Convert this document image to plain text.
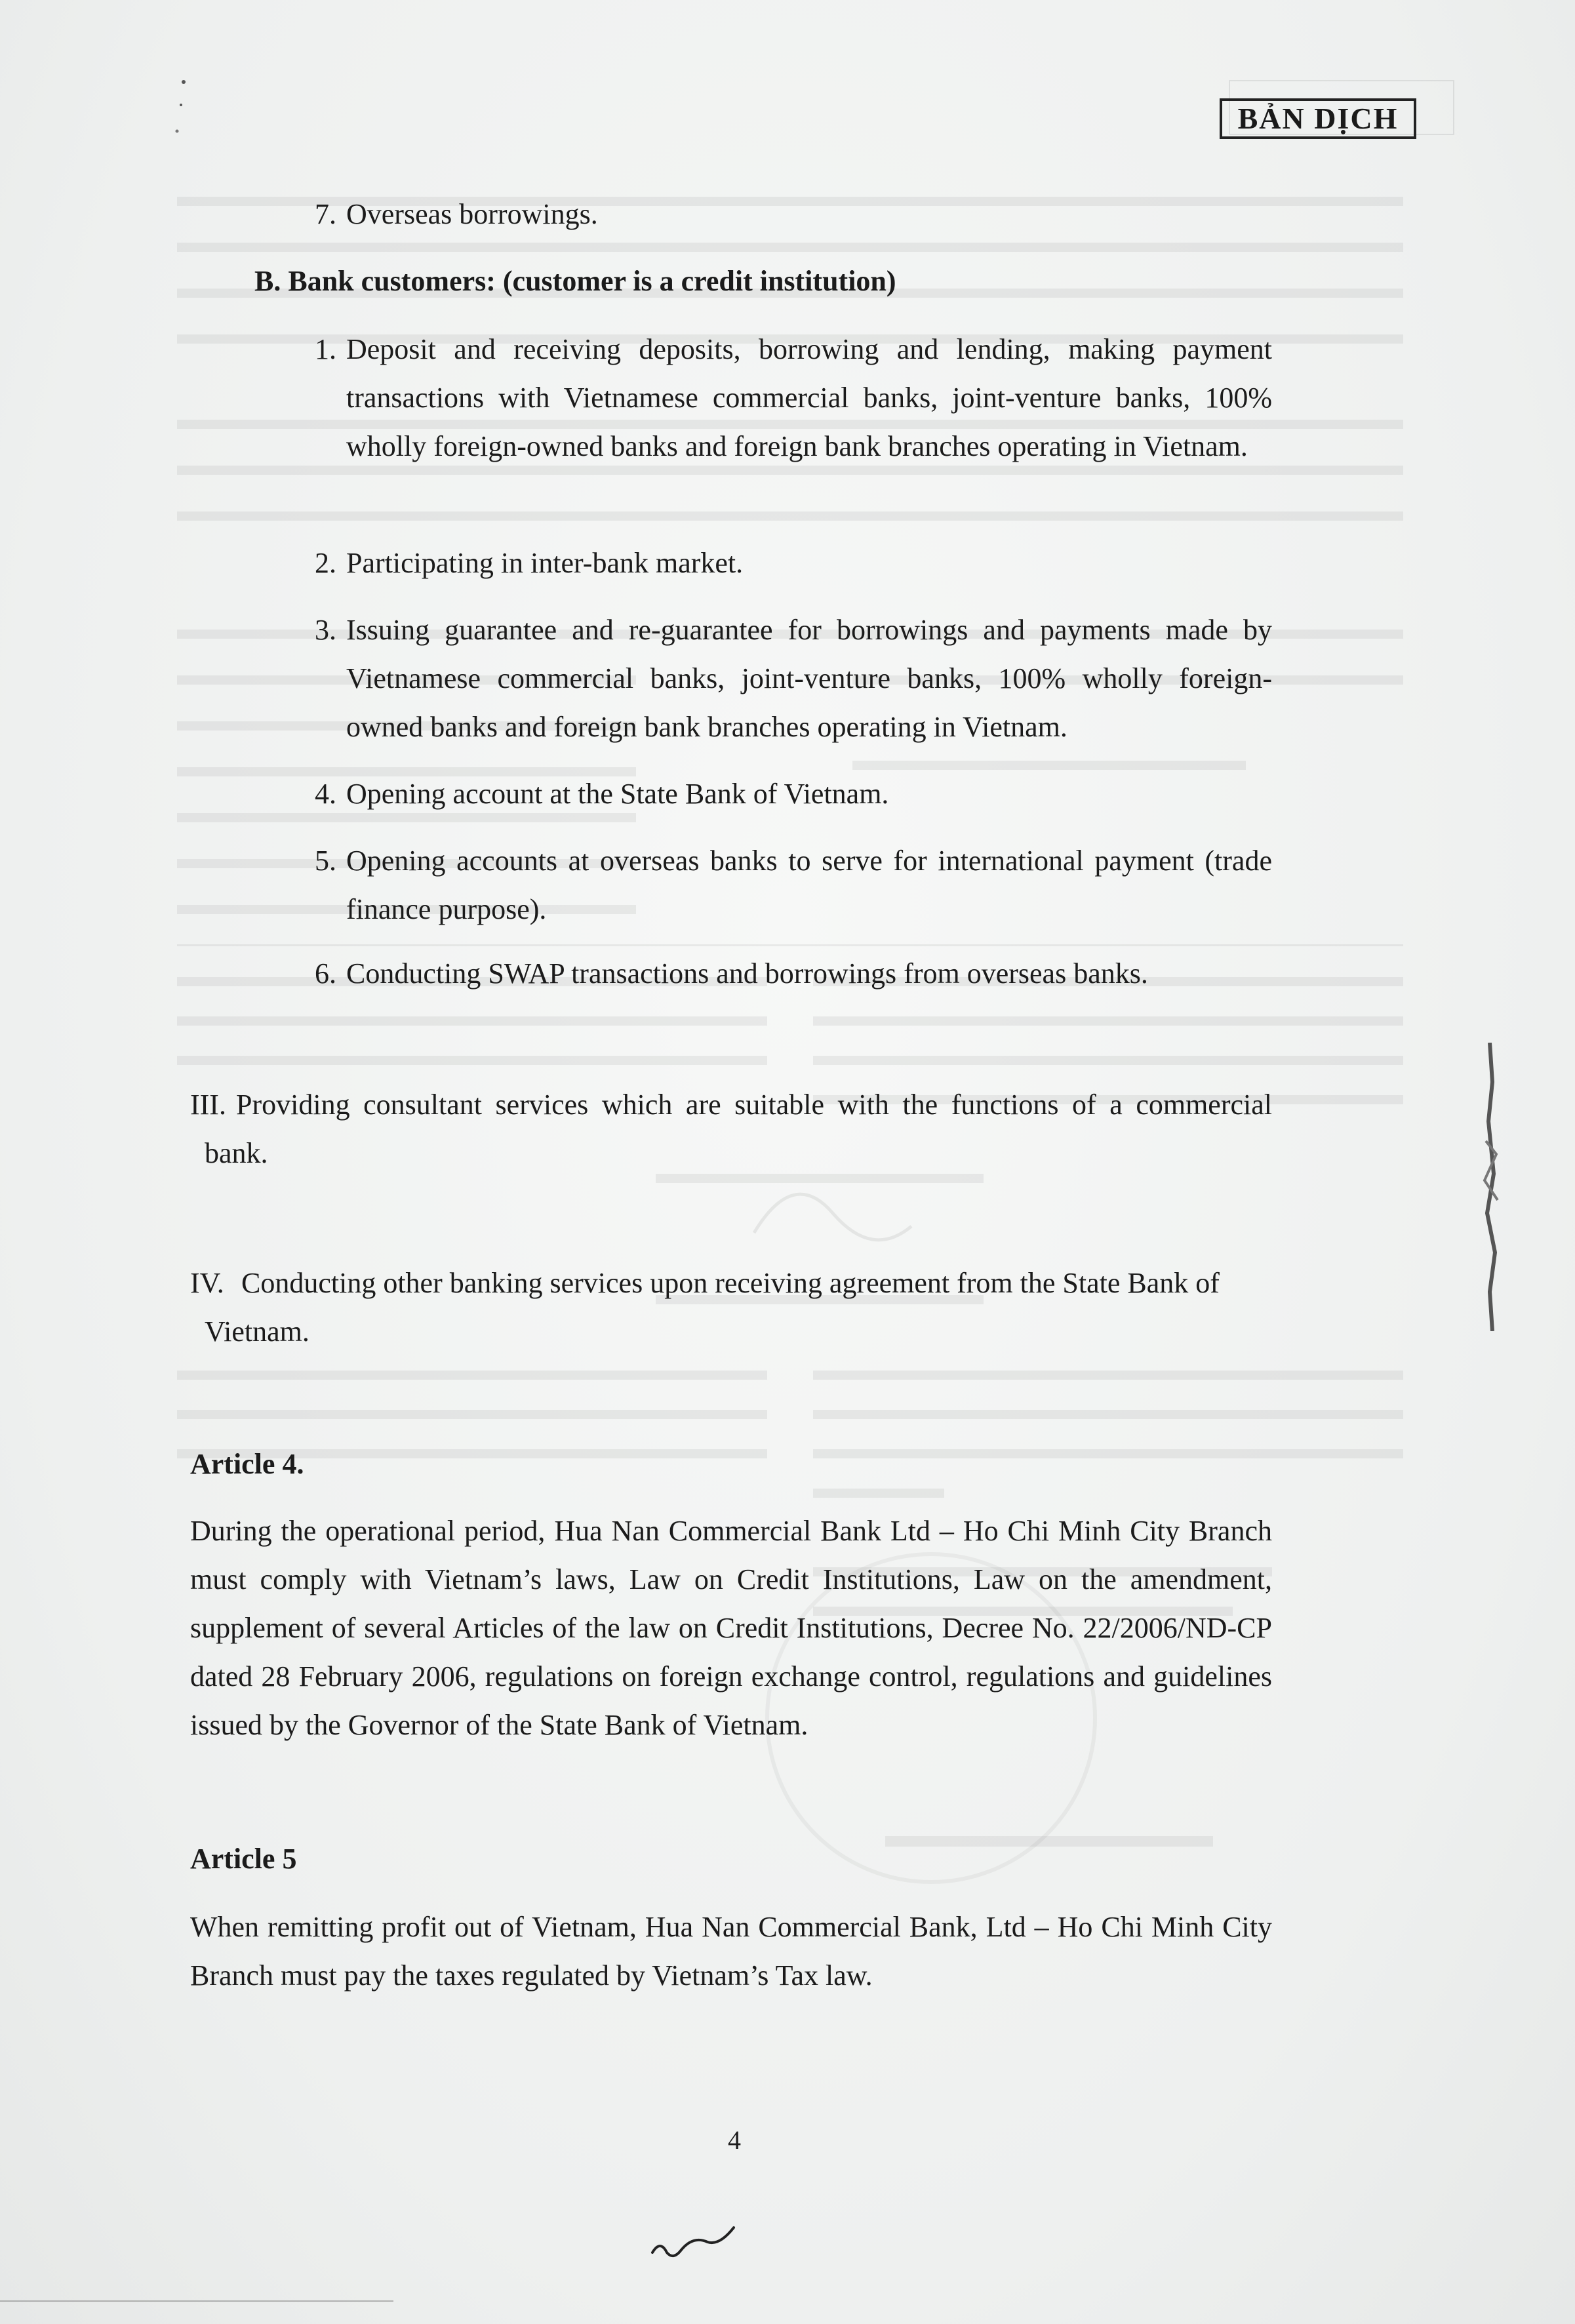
BẢN DỊCH
7. Overseas borrowings.
B. Bank customers: (customer is a credit institution)
1. Deposit and receiving deposits, borrowing and lending, making payment transactions with Vietnamese commercial banks, joint-venture banks, 100% wholly foreign-owned banks and foreign bank branches operating in Vietnam.
2. Participating in inter-bank market.
3. Issuing guarantee and re-guarantee for borrowings and payments made by Vietnamese commercial banks, joint-venture banks, 100% wholly foreign-owned banks and foreign bank branches operating in Vietnam.
4. Opening account at the State Bank of Vietnam.
5. Opening accounts at overseas banks to serve for international payment (trade finance purpose).
6. Conducting SWAP transactions and borrowings from overseas banks.
III. Providing consultant services which are suitable with the functions of a commercial bank.
IV. Conducting other banking services upon receiving agreement from the State Bank of Vietnam.
Article 4.
During the operational period, Hua Nan Commercial Bank Ltd – Ho Chi Minh City Branch must comply with Vietnam’s laws, Law on Credit Institutions, Law on the amendment, supplement of several Articles of the law on Credit Institutions, Decree No. 22/2006/ND-CP dated 28 February 2006, regulations on foreign exchange control, regulations and guidelines issued by the Governor of the State Bank of Vietnam.
Article 5
When remitting profit out of Vietnam, Hua Nan Commercial Bank, Ltd – Ho Chi Minh City Branch must pay the taxes regulated by Vietnam’s Tax law.
4
